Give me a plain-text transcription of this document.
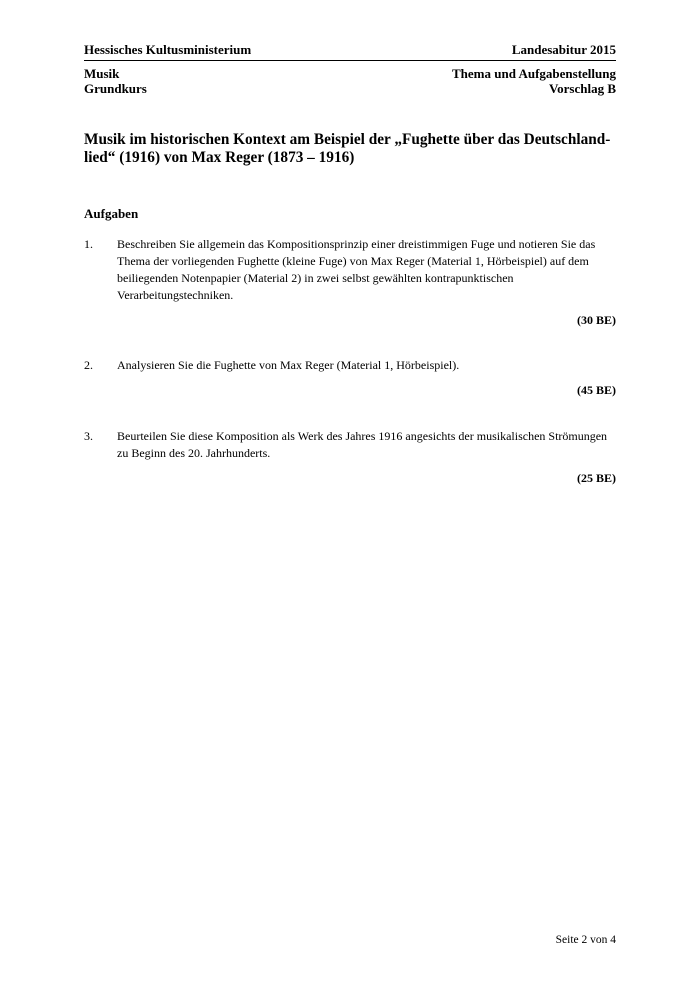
Hessisches Kultusministerium	Landesabitur 2015
Musik
Grundkurs
Thema und Aufgabenstellung
Vorschlag B
Musik im historischen Kontext am Beispiel der „Fughette über das Deutschland-lied“ (1916) von Max Reger (1873 – 1916)
Aufgaben
1. Beschreiben Sie allgemein das Kompositionsprinzip einer dreistimmigen Fuge und notieren Sie das Thema der vorliegenden Fughette (kleine Fuge) von Max Reger (Material 1, Hörbeispiel) auf dem beiliegenden Notenpapier (Material 2) in zwei selbst gewählten kontrapunktischen Verarbeitungstechniken.
(30 BE)
2. Analysieren Sie die Fughette von Max Reger (Material 1, Hörbeispiel).
(45 BE)
3. Beurteilen Sie diese Komposition als Werk des Jahres 1916 angesichts der musikalischen Strömungen zu Beginn des 20. Jahrhunderts.
(25 BE)
Seite 2 von 4
